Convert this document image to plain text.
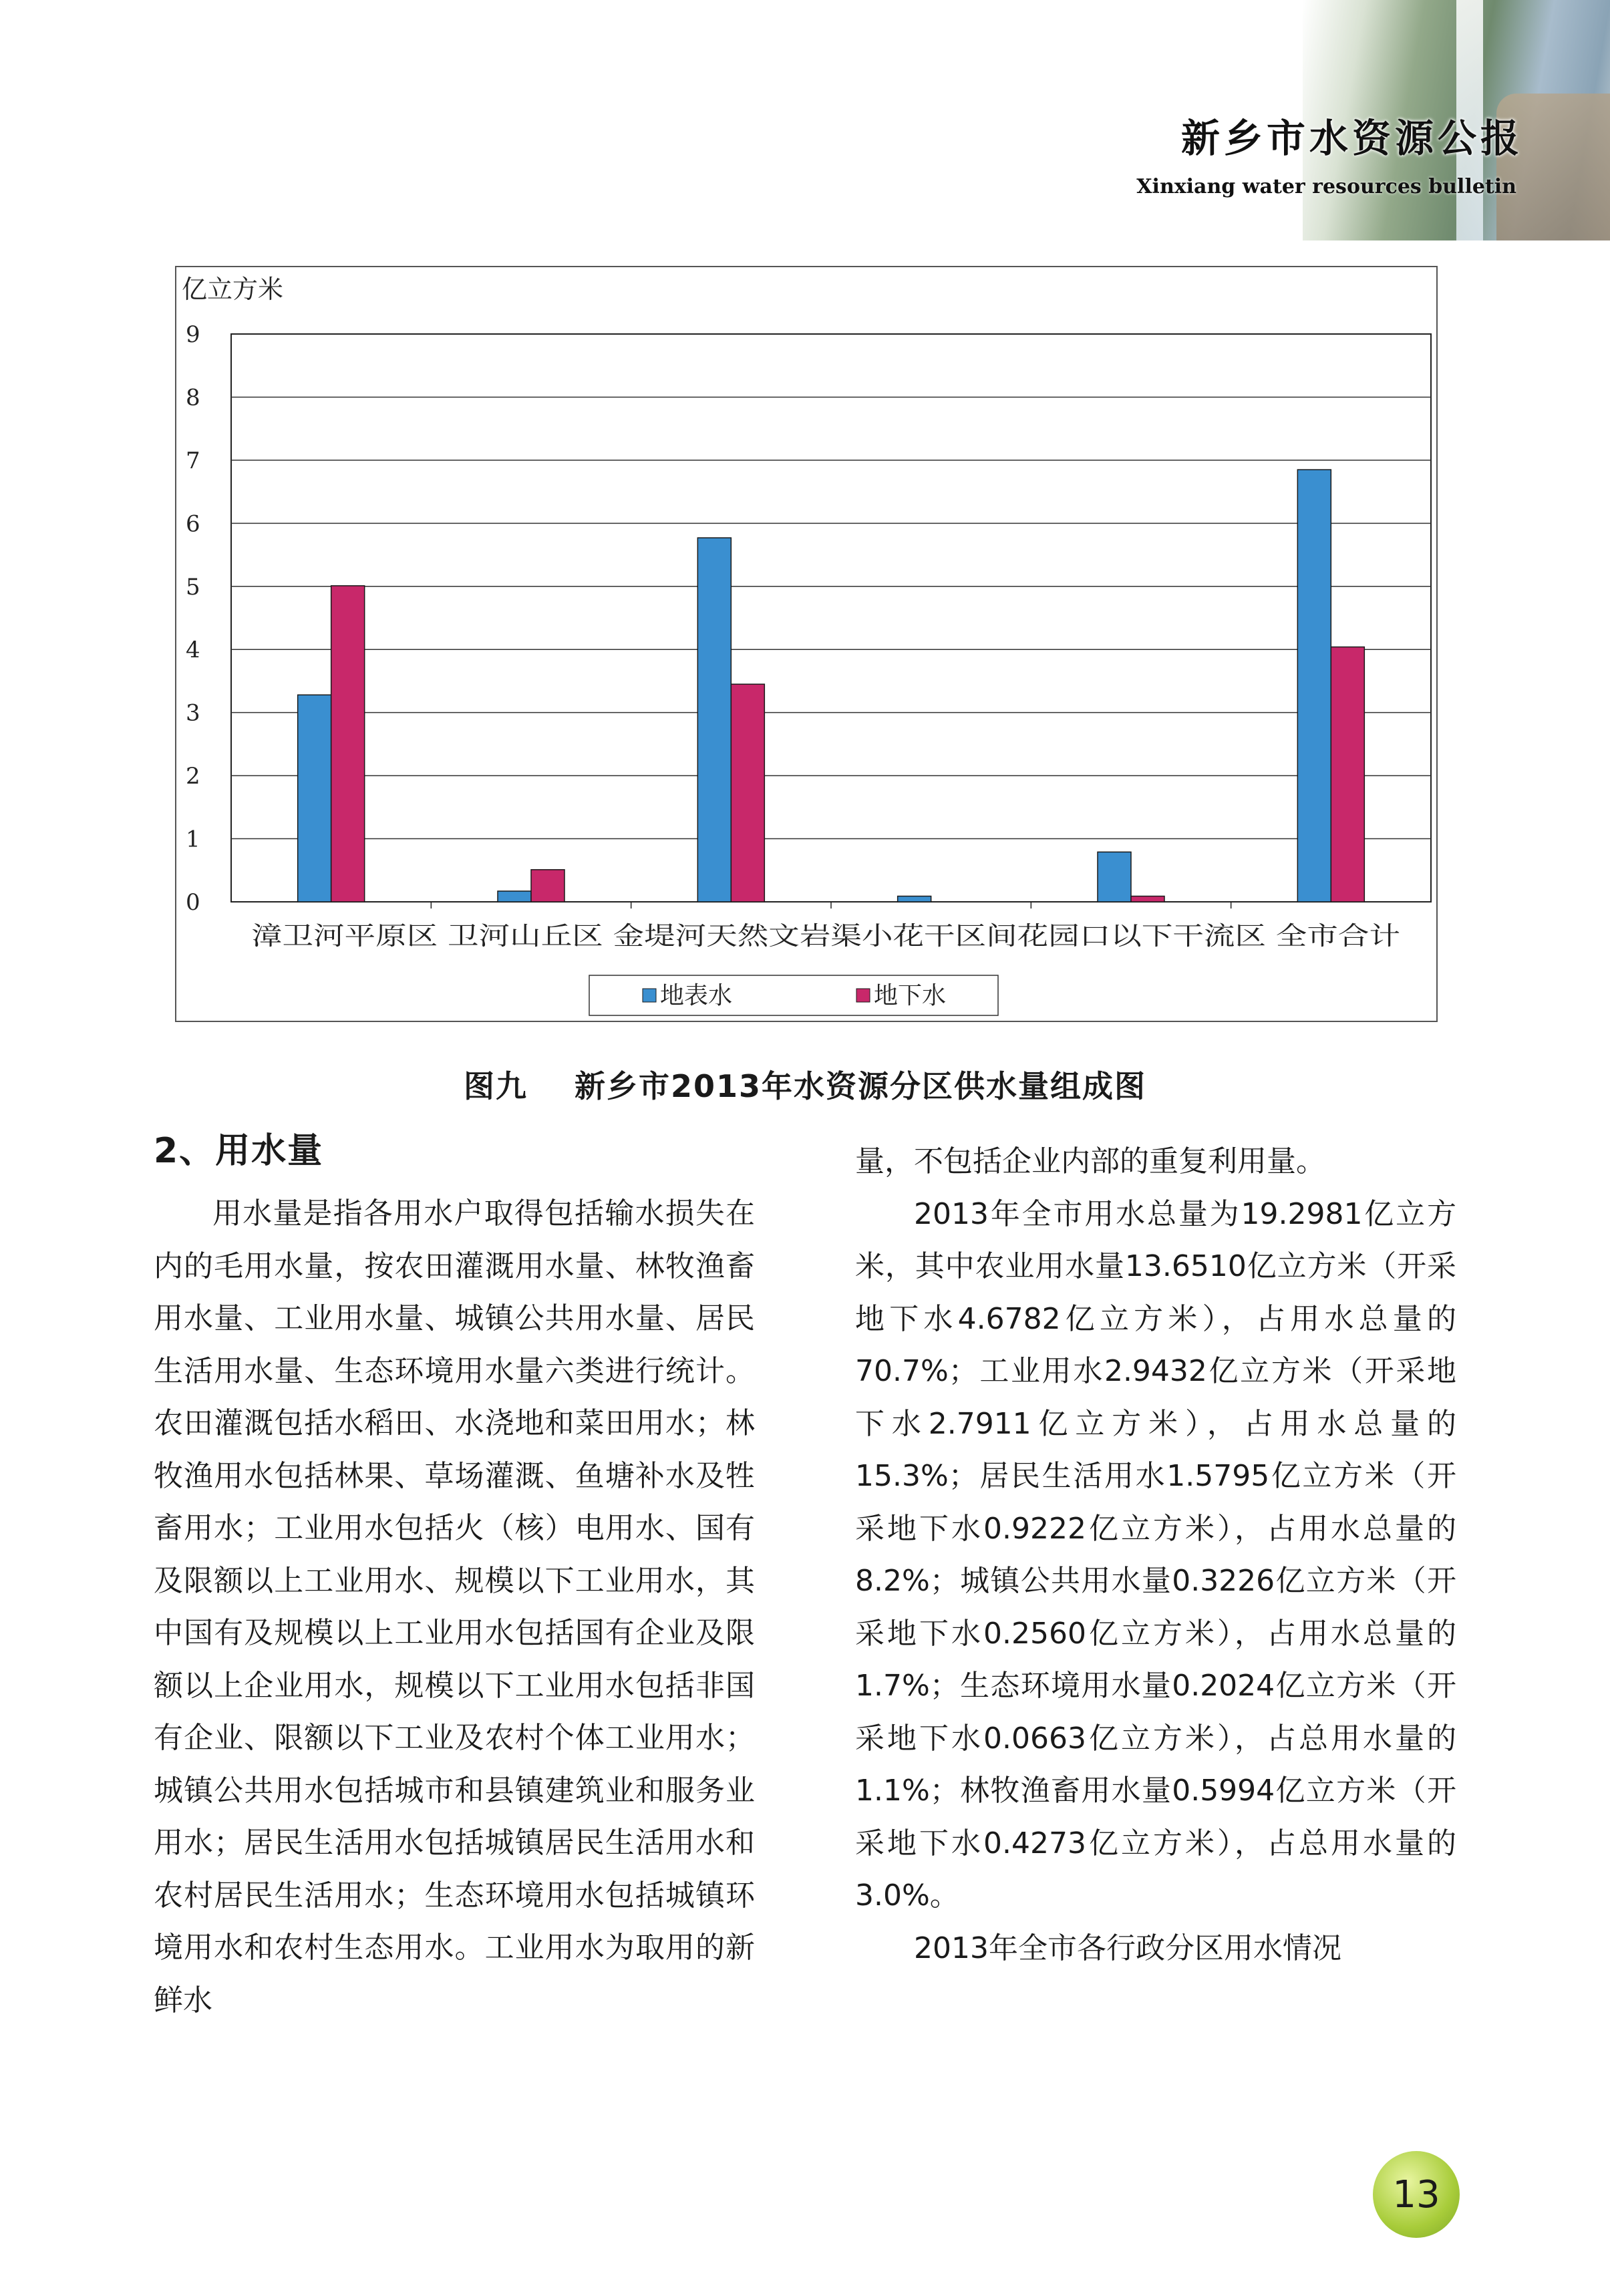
新乡市水资源公报
Xinxiang water resources bulletin
0
1
2
3
4
5
6
7
8
9
亿立方米
漳卫河平原区 卫河山丘区 金堤河天然文岩渠 小花干区间 花园口以下干流区 全市合计
地表水	地下水
图九 新乡市2013年水资源分区供水量组成图
2、用水量

用水量是指各用水户取得包括输水损失在内的毛用水量，按农田灌溉用水量、林牧渔畜用水量、工业用水量、城镇公共用水量、居民生活用水量、生态环境用水量六类进行统计。农田灌溉包括水稻田、水浇地和菜田用水；林牧渔用水包括林果、草场灌溉、鱼塘补水及牲畜用水；工业用水包括火（核）电用水、国有及限额以上工业用水、规模以下工业用水，其中国有及规模以上工业用水包括国有企业及限额以上企业用水，规模以下工业用水包括非国有企业、限额以下工业及农村个体工业用水；城镇公共用水包括城市和县镇建筑业和服务业用水；居民生活用水包括城镇居民生活用水和农村居民生活用水；生态环境用水包括城镇环境用水和农村生态用水。工业用水为取用的新鲜水

量，不包括企业内部的重复利用量。

2013年全市用水总量为19.2981亿立方米，其中农业用水量13.6510亿立方米（开采地下水4.6782亿立方米），占用水总量的70.7%；工业用水2.9432亿立方米（开采地下水2.7911亿立方米），占用水总量的15.3%；居民生活用水1.5795亿立方米（开采地下水0.9222亿立方米），占用水总量的8.2%；城镇公共用水量0.3226亿立方米（开采地下水0.2560亿立方米），占用水总量的1.7%；生态环境用水量0.2024亿立方米（开采地下水0.0663亿立方米），占总用水量的1.1%；林牧渔畜用水量0.5994亿立方米（开采地下水0.4273亿立方米），占总用水量的3.0%。

2013年全市各行政分区用水情况

13
